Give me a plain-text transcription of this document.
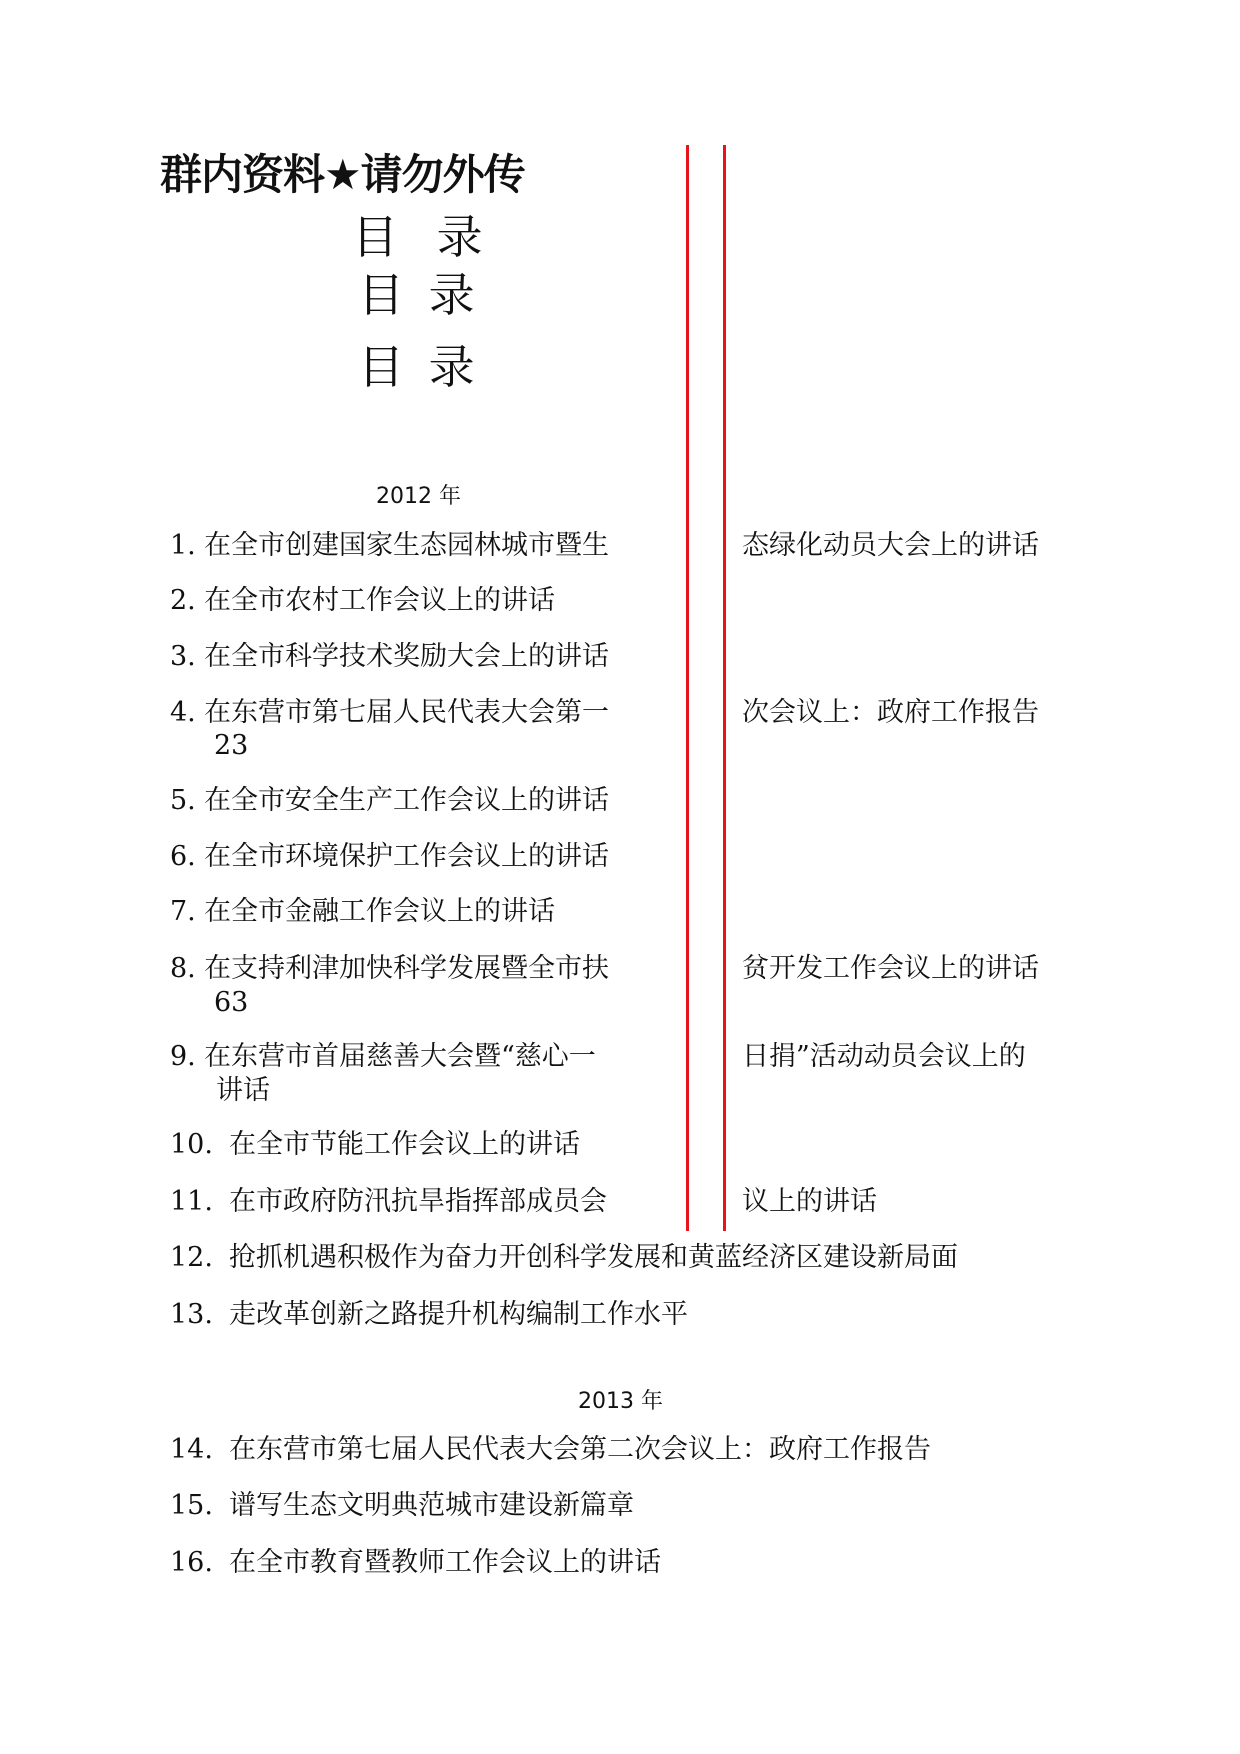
群内资料★请勿外传
目 录
目 录
目 录
2012 年
2013 年
1. 在全市创建国家生态园林城市暨生	态绿化动员大会上的讲话
2. 在全市农村工作会议上的讲话
3. 在全市科学技术奖励大会上的讲话
4. 在东营市第七届人民代表大会第一	次会议上：政府工作报告
23
5. 在全市安全生产工作会议上的讲话
6. 在全市环境保护工作会议上的讲话
7. 在全市金融工作会议上的讲话
8. 在支持利津加快科学发展暨全市扶	贫开发工作会议上的讲话
63
9. 在东营市首届慈善大会暨“慈心一	日捐”活动动员会议上的
讲话
10. 在全市节能工作会议上的讲话
11. 在市政府防汛抗旱指挥部成员会	议上的讲话
12. 抢抓机遇积极作为奋力开创科学发展和黄蓝经济区建设新局面
13. 走改革创新之路提升机构编制工作水平
14. 在东营市第七届人民代表大会第二次会议上：政府工作报告
15. 谱写生态文明典范城市建设新篇章
16. 在全市教育暨教师工作会议上的讲话
